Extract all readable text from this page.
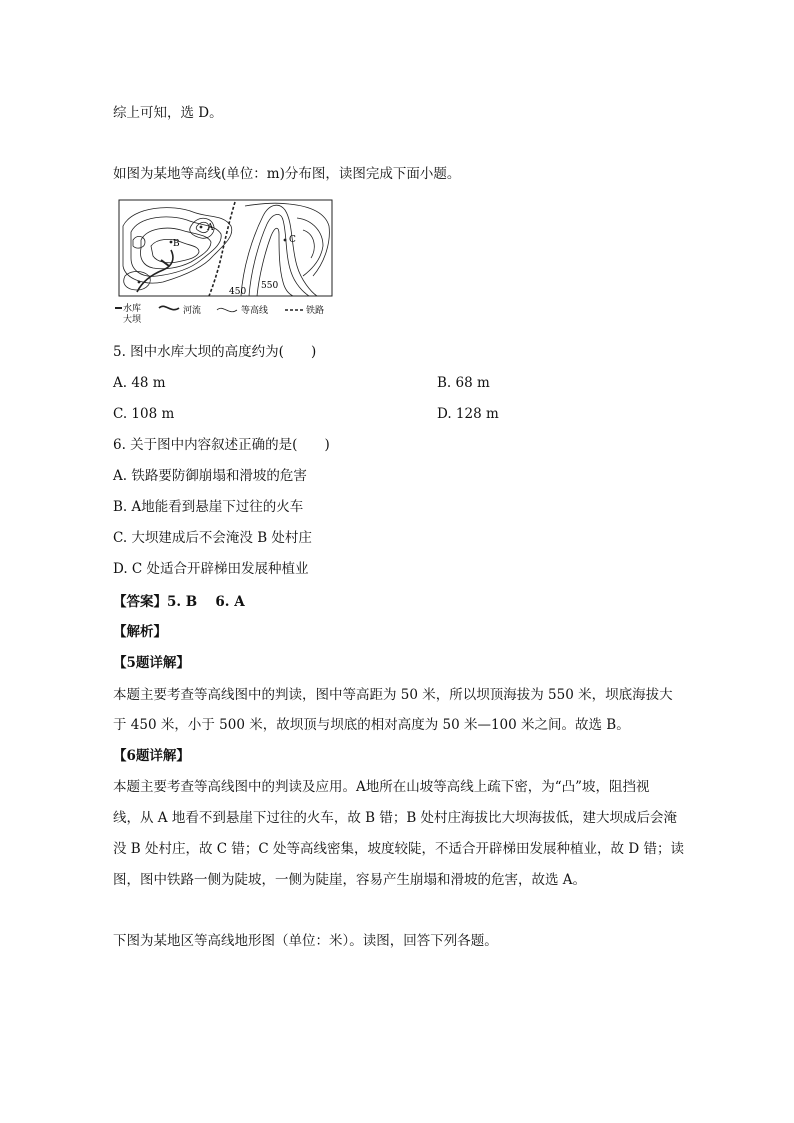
综上可知，选 D。
如图为某地等高线(单位：m)分布图，读图完成下面小题。
A
B	C
450
550
水库
大坝
河流	等高线	铁路
5. 图中水库大坝的高度约为(　　)
A. 48 m	B. 68 m
C. 108 m	D. 128 m
6. 关于图中内容叙述正确的是(　　)
A. 铁路要防御崩塌和滑坡的危害
B. A地能看到悬崖下过往的火车
C. 大坝建成后不会淹没 B 处村庄
D. C 处适合开辟梯田发展种植业
【答案】5. B　 6. A
【解析】
【5题详解】
本题主要考查等高线图中的判读，图中等高距为 50 米，所以坝顶海拔为 550 米，坝底海拔大
于 450 米，小于 500 米，故坝顶与坝底的相对高度为 50 米—100 米之间。故选 B。
【6题详解】
本题主要考查等高线图中的判读及应用。A地所在山坡等高线上疏下密，为“凸”坡，阻挡视
线，从 A 地看不到悬崖下过往的火车，故 B 错；B 处村庄海拔比大坝海拔低，建大坝成后会淹
没 B 处村庄，故 C 错；C 处等高线密集，坡度较陡，不适合开辟梯田发展种植业，故 D 错；读
图，图中铁路一侧为陡坡，一侧为陡崖，容易产生崩塌和滑坡的危害，故选 A。
下图为某地区等高线地形图（单位：米）。读图，回答下列各题。
